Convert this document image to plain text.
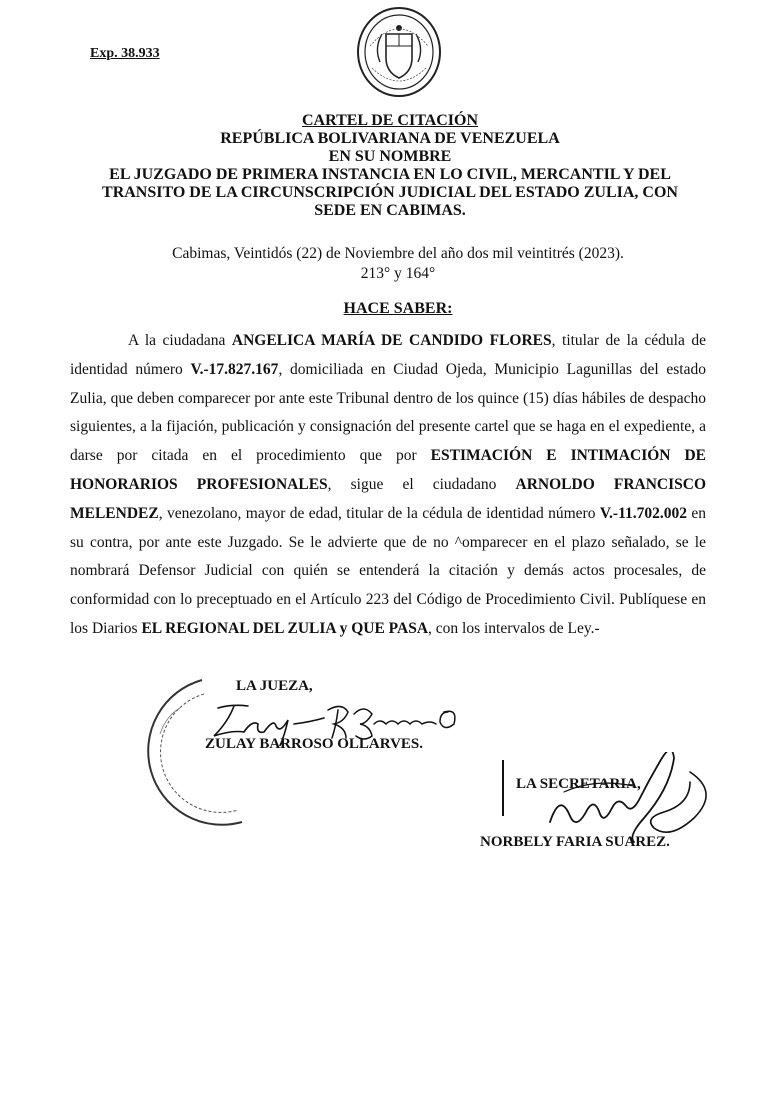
Exp. 38.933
CARTEL DE CITACIÓN
REPÚBLICA BOLIVARIANA DE VENEZUELA
EN SU NOMBRE
EL JUZGADO DE PRIMERA INSTANCIA EN LO CIVIL, MERCANTIL Y DEL
TRANSITO DE LA CIRCUNSCRIPCIÓN JUDICIAL DEL ESTADO ZULIA, CON
SEDE EN CABIMAS.
Cabimas, Veintidós (22) de Noviembre del año dos mil veintitrés (2023).
213° y 164°
HACE SABER:
A la ciudadana ANGELICA MARÍA DE CANDIDO FLORES, titular de la cédula de identidad número V.-17.827.167, domiciliada en Ciudad Ojeda, Municipio Lagunillas del estado Zulia, que deben comparecer por ante este Tribunal dentro de los quince (15) días hábiles de despacho siguientes, a la fijación, publicación y consignación del presente cartel que se haga en el expediente, a darse por citada en el procedimiento que por ESTIMACIÓN E INTIMACIÓN DE HONORARIOS PROFESIONALES, sigue el ciudadano ARNOLDO FRANCISCO MELENDEZ, venezolano, mayor de edad, titular de la cédula de identidad número V.-11.702.002 en su contra, por ante este Juzgado. Se le advierte que de no ^omparecer en el plazo señalado, se le nombrará Defensor Judicial con quién se entenderá la citación y demás actos procesales, de conformidad con lo preceptuado en el Artículo 223 del Código de Procedimiento Civil. Publíquese en los Diarios EL REGIONAL DEL ZULIA y QUE PASA, con los intervalos de Ley.-
LA JUEZA,
ZULAY BARROSO OLLARVES.
LA SECRETARIA,
NORBELY FARIA SUAREZ.
